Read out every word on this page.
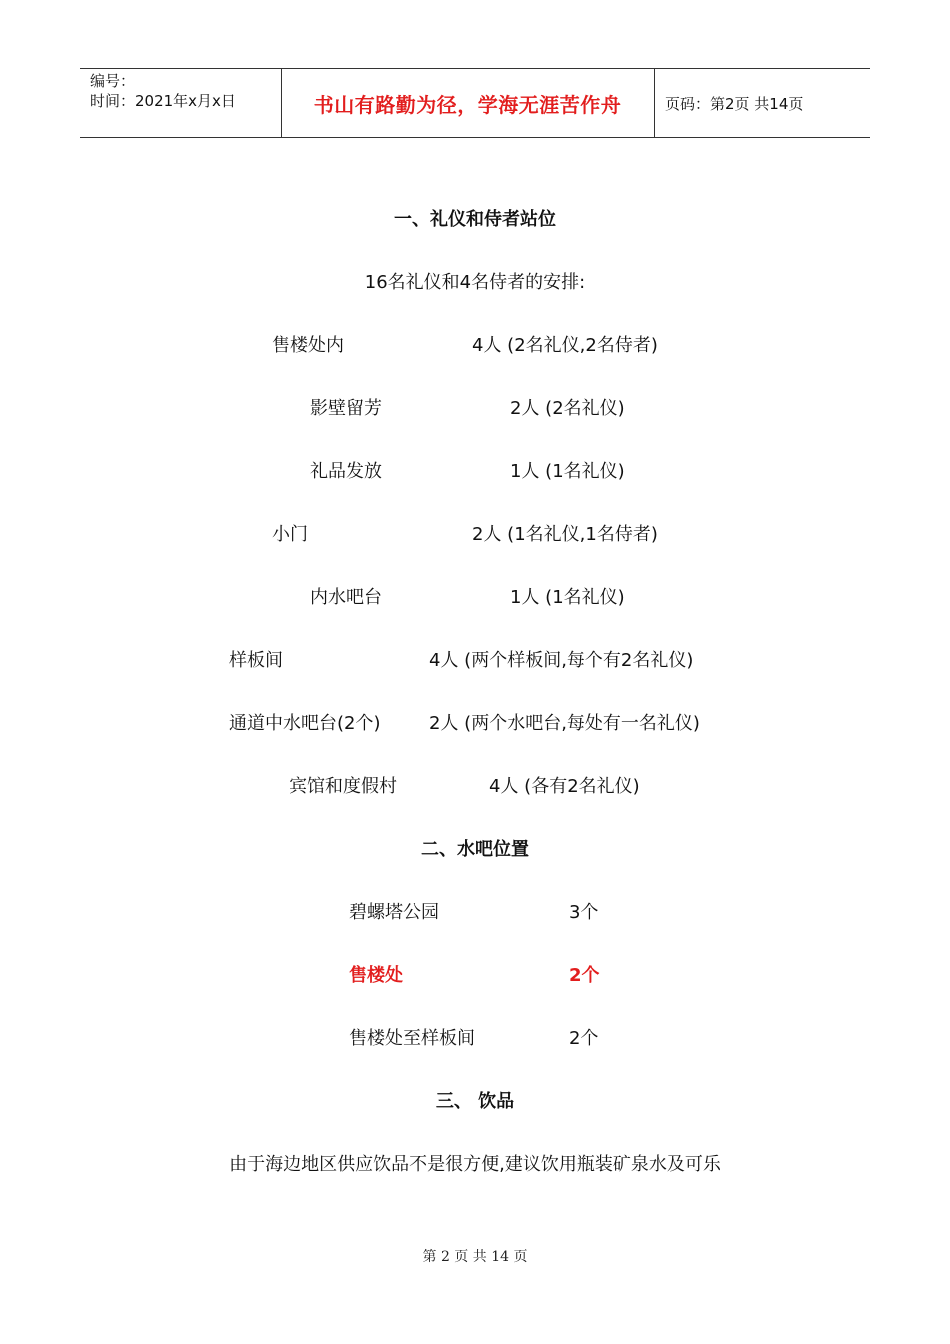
编号：
时间：2021年x月x日	书山有路勤为径，学海无涯苦作舟	页码：第2页 共14页
一、礼仪和侍者站位
16名礼仪和4名侍者的安排:
售楼处内	4人 (2名礼仪,2名侍者)
影壁留芳	2人 (2名礼仪)
礼品发放	1人 (1名礼仪)
小门	2人 (1名礼仪,1名侍者)
内水吧台	1人 (1名礼仪)
样板间	4人 (两个样板间,每个有2名礼仪)
通道中水吧台(2个)	2人 (两个水吧台,每处有一名礼仪)
宾馆和度假村	4人 (各有2名礼仪)
二、水吧位置
碧螺塔公园	3个
售楼处	2个
售楼处至样板间	2个
三、 饮品
由于海边地区供应饮品不是很方便,建议饮用瓶装矿泉水及可乐
第 2 页 共 14 页
